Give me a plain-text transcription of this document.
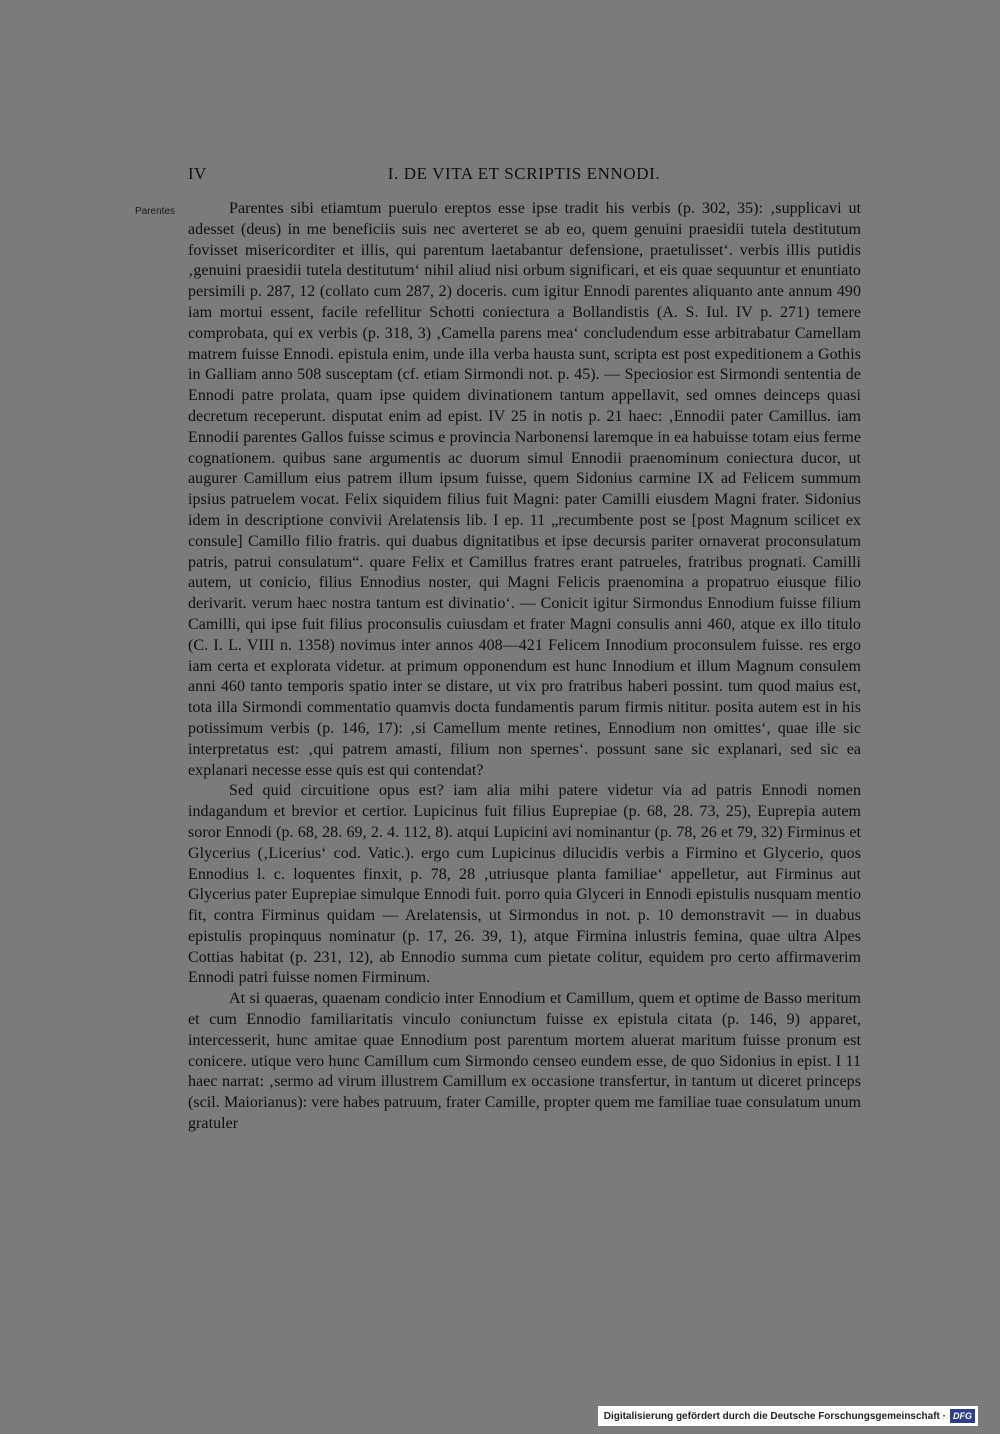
IV	I. DE VITA ET SCRIPTIS ENNODI.
Parentes	Parentes sibi etiamtum puerulo ereptos esse ipse tradit his verbis (p. 302, 35): ‚supplicavi ut adesset (deus) in me beneficiis suis nec averteret se ab eo, quem genuini praesidii tutela destitutum fovisset misericorditer et illis, qui parentum laetabantur defensione, praetulisset‘. verbis illis putidis ‚genuini praesidii tutela destitutum‘ nihil aliud nisi orbum significari, et eis quae sequuntur et enuntiato persimili p. 287, 12 (collato cum 287, 2) doceris. cum igitur Ennodi parentes aliquanto ante annum 490 iam mortui essent, facile refellitur Schotti coniectura a Bollandistis (A. S. Iul. IV p. 271) temere comprobata, qui ex verbis (p. 318, 3) ‚Camella parens mea‘ concludendum esse arbitrabatur Camellam matrem fuisse Ennodi. epistula enim, unde illa verba hausta sunt, scripta est post expeditionem a Gothis in Galliam anno 508 susceptam (cf. etiam Sirmondi not. p. 45). — Speciosior est Sirmondi sententia de Ennodi patre prolata, quam ipse quidem divinationem tantum appellavit, sed omnes deinceps quasi decretum receperunt. disputat enim ad epist. IV 25 in notis p. 21 haec: ‚Ennodii pater Camillus. iam Ennodii parentes Gallos fuisse scimus e provincia Narbonensi laremque in ea habuisse totam eius ferme cognationem. quibus sane argumentis ac duorum simul Ennodii praenominum coniectura ducor, ut augurer Camillum eius patrem illum ipsum fuisse, quem Sidonius carmine IX ad Felicem summum ipsius patruelem vocat. Felix siquidem filius fuit Magni: pater Camilli eiusdem Magni frater. Sidonius idem in descriptione convivii Arelatensis lib. I ep. 11 „recumbente post se [post Magnum scilicet ex consule] Camillo filio fratris. qui duabus dignitatibus et ipse decursis pariter ornaverat proconsulatum patris, patrui consulatum“. quare Felix et Camillus fratres erant patrueles, fratribus prognati. Camilli autem, ut conicio, filius Ennodius noster, qui Magni Felicis praenomina a propatruo eiusque filio derivarit. verum haec nostra tantum est divinatio‘. — Conicit igitur Sirmondus Ennodium fuisse filium Camilli, qui ipse fuit filius proconsulis cuiusdam et frater Magni consulis anni 460, atque ex illo titulo (C. I. L. VIII n. 1358) novimus inter annos 408—421 Felicem Innodium proconsulem fuisse. res ergo iam certa et explorata videtur. at primum opponendum est hunc Innodium et illum Magnum consulem anni 460 tanto temporis spatio inter se distare, ut vix pro fratribus haberi possint. tum quod maius est, tota illa Sirmondi commentatio quamvis docta fundamentis parum firmis nititur. posita autem est in his potissimum verbis (p. 146, 17): ‚si Camellum mente retines, Ennodium non omittes‘, quae ille sic interpretatus est: ‚qui patrem amasti, filium non spernes‘. possunt sane sic explanari, sed sic ea explanari necesse esse quis est qui contendat?

Sed quid circuitione opus est? iam alia mihi patere videtur via ad patris Ennodi nomen indagandum et brevior et certior. Lupicinus fuit filius Euprepiae (p. 68, 28. 73, 25), Euprepia autem soror Ennodi (p. 68, 28. 69, 2. 4. 112, 8). atqui Lupicini avi nominantur (p. 78, 26 et 79, 32) Firminus et Glycerius (‚Licerius‘ cod. Vatic.). ergo cum Lupicinus dilucidis verbis a Firmino et Glycerio, quos Ennodius l. c. loquentes finxit, p. 78, 28 ‚utriusque planta familiae‘ appelletur, aut Firminus aut Glycerius pater Euprepiae simulque Ennodi fuit. porro quia Glyceri in Ennodi epistulis nusquam mentio fit, contra Firminus quidam — Arelatensis, ut Sirmondus in not. p. 10 demonstravit — in duabus epistulis propinquus nominatur (p. 17, 26. 39, 1), atque Firmina inlustris femina, quae ultra Alpes Cottias habitat (p. 231, 12), ab Ennodio summa cum pietate colitur, equidem pro certo affirmaverim Ennodi patri fuisse nomen Firminum.

At si quaeras, quaenam condicio inter Ennodium et Camillum, quem et optime de Basso meritum et cum Ennodio familiaritatis vinculo coniunctum fuisse ex epistula citata (p. 146, 9) apparet, intercesserit, hunc amitae quae Ennodium post parentum mortem aluerat maritum fuisse pronum est conicere. utique vero hunc Camillum cum Sirmondo censeo eundem esse, de quo Sidonius in epist. I 11 haec narrat: ‚sermo ad virum illustrem Camillum ex occasione transfertur, in tantum ut diceret princeps (scil. Maiorianus): vere habes patruum, frater Camille, propter quem me familiae tuae consulatum unum gratuler

Digitalisierung gefördert durch die Deutsche Forschungsgemeinschaft · DFG
